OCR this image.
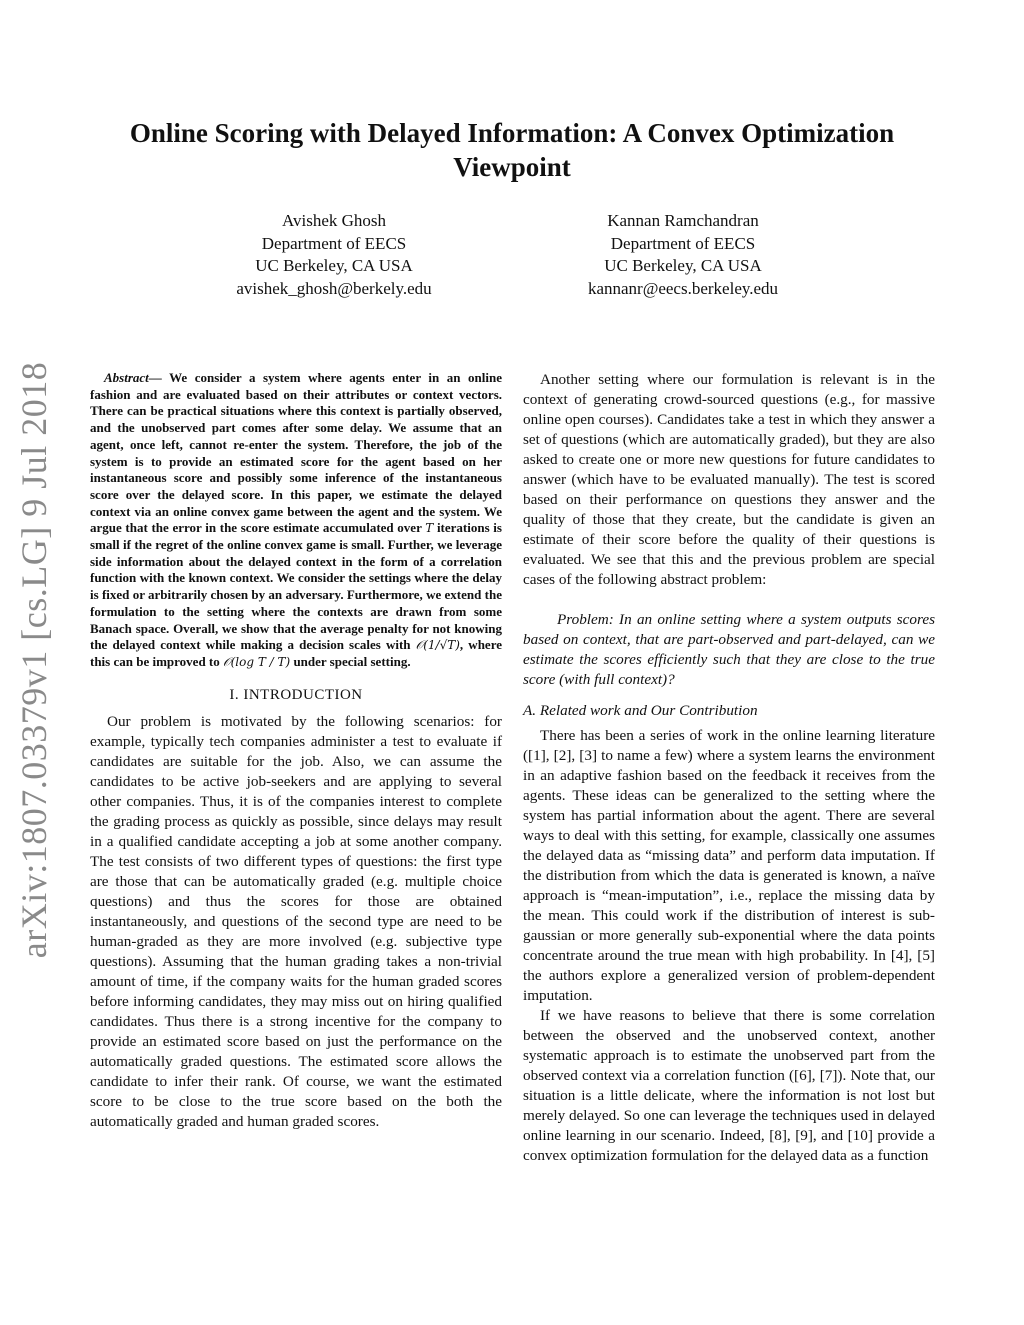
arXiv:1807.03379v1 [cs.LG] 9 Jul 2018
Online Scoring with Delayed Information: A Convex Optimization Viewpoint
Avishek Ghosh
Department of EECS
UC Berkeley, CA USA
avishek_ghosh@berkely.edu
Kannan Ramchandran
Department of EECS
UC Berkeley, CA USA
kannanr@eecs.berkeley.edu

Abstract— We consider a system where agents enter in an online fashion and are evaluated based on their attributes or context vectors. There can be practical situations where this context is partially observed, and the unobserved part comes after some delay. We assume that an agent, once left, cannot re-enter the system. Therefore, the job of the system is to provide an estimated score for the agent based on her instantaneous score and possibly some inference of the instantaneous score over the delayed score. In this paper, we estimate the delayed context via an online convex game between the agent and the system. We argue that the error in the score estimate accumulated over T iterations is small if the regret of the online convex game is small. Further, we leverage side information about the delayed context in the form of a correlation function with the known context. We consider the settings where the delay is fixed or arbitrarily chosen by an adversary. Furthermore, we extend the formulation to the setting where the contexts are drawn from some Banach space. Overall, we show that the average penalty for not knowing the delayed context while making a decision scales with 𝒪(1/√T), where this can be improved to 𝒪(log T / T) under special setting.

I. INTRODUCTION

Our problem is motivated by the following scenarios: for example, typically tech companies administer a test to evaluate if candidates are suitable for the job. Also, we can assume the candidates to be active job-seekers and are applying to several other companies. Thus, it is of the companies interest to complete the grading process as quickly as possible, since delays may result in a qualified candidate accepting a job at some another company. The test consists of two different types of questions: the first type are those that can be automatically graded (e.g. multiple choice questions) and thus the scores for those are obtained instantaneously, and questions of the second type are need to be human-graded as they are more involved (e.g. subjective type questions). Assuming that the human grading takes a non-trivial amount of time, if the company waits for the human graded scores before informing candidates, they may miss out on hiring qualified candidates. Thus there is a strong incentive for the company to provide an estimated score based on just the performance on the automatically graded questions. The estimated score allows the candidate to infer their rank. Of course, we want the estimated score to be close to the true score based on the both the automatically graded and human graded scores.

Another setting where our formulation is relevant is in the context of generating crowd-sourced questions (e.g., for massive online open courses). Candidates take a test in which they answer a set of questions (which are automatically graded), but they are also asked to create one or more new questions for future candidates to answer (which have to be evaluated manually). The test is scored based on their performance on questions they answer and the quality of those that they create, but the candidate is given an estimate of their score before the quality of their questions is evaluated. We see that this and the previous problem are special cases of the following abstract problem:

Problem: In an online setting where a system outputs scores based on context, that are part-observed and part-delayed, can we estimate the scores efficiently such that they are close to the true score (with full context)?

A. Related work and Our Contribution

There has been a series of work in the online learning literature ([1], [2], [3] to name a few) where a system learns the environment in an adaptive fashion based on the feedback it receives from the agents. These ideas can be generalized to the setting where the system has partial information about the agent. There are several ways to deal with this setting, for example, classically one assumes the delayed data as “missing data” and perform data imputation. If the distribution from which the data is generated is known, a naïve approach is “mean-imputation”, i.e., replace the missing data by the mean. This could work if the distribution of interest is sub-gaussian or more generally sub-exponential where the data points concentrate around the true mean with high probability. In [4], [5] the authors explore a generalized version of problem-dependent imputation.

If we have reasons to believe that there is some correlation between the observed and the unobserved context, another systematic approach is to estimate the unobserved part from the observed context via a correlation function ([6], [7]). Note that, our situation is a little delicate, where the information is not lost but merely delayed. So one can leverage the techniques used in delayed online learning in our scenario. Indeed, [8], [9], and [10] provide a convex optimization formulation for the delayed data as a function
